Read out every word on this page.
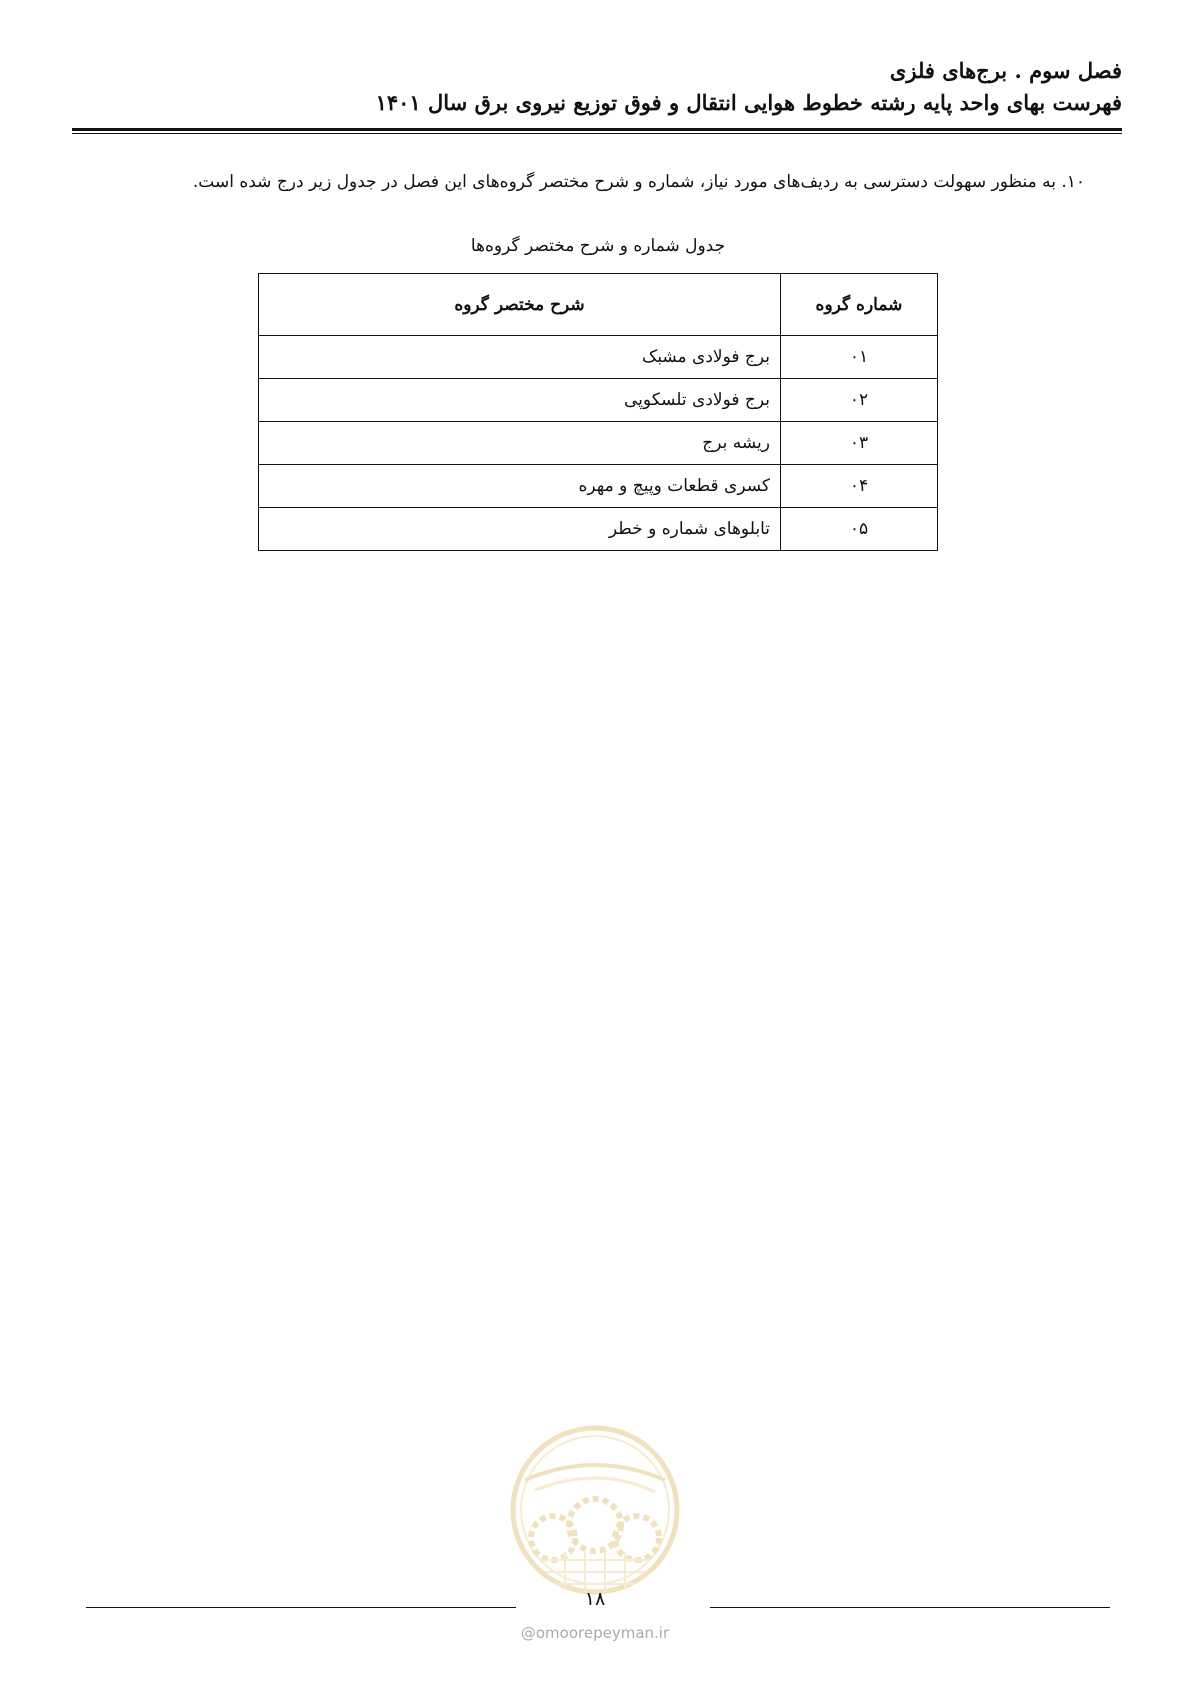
فصل سوم . برج‌های فلزی
فهرست بهای واحد پایه رشته خطوط هوایی انتقال و فوق توزیع نیروی برق سال ۱۴۰۱
۱۰. به منظور سهولت دسترسی به ردیف‌های مورد نیاز، شماره و شرح مختصر گروه‌های این فصل در جدول زیر درج شده است.
جدول شماره و شرح مختصر گروه‌ها
شماره گروه	شرح مختصر گروه
۰۱	برج فولادی مشبک
۰۲	برج فولادی تلسکوپی
۰۳	ریشه برج
۰۴	کسری قطعات وپیچ و مهره
۰۵	تابلوهای شماره و خطر
۱۸
@omoorepeyman.ir
